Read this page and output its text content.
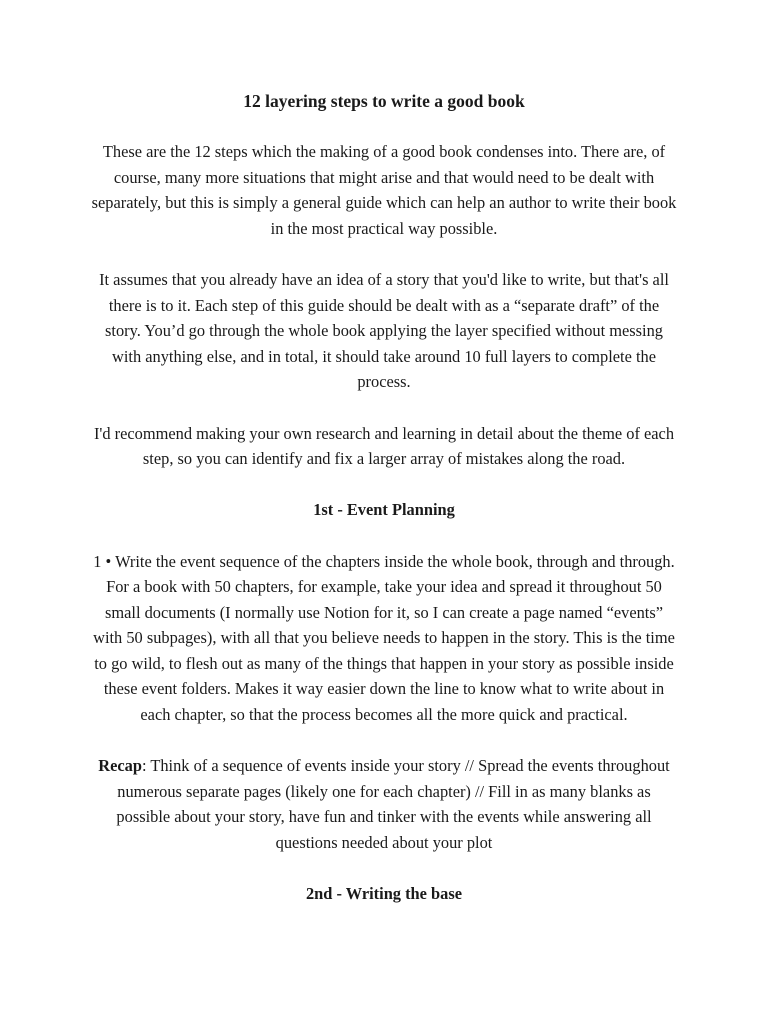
12 layering steps to write a good book

These are the 12 steps which the making of a good book condenses into. There are, of course, many more situations that might arise and that would need to be dealt with separately, but this is simply a general guide which can help an author to write their book in the most practical way possible.

It assumes that you already have an idea of a story that you'd like to write, but that's all there is to it. Each step of this guide should be dealt with as a “separate draft” of the story. You’d go through the whole book applying the layer specified without messing with anything else, and in total, it should take around 10 full layers to complete the process.

I'd recommend making your own research and learning in detail about the theme of each step, so you can identify and fix a larger array of mistakes along the road.

1st - Event Planning

1 • Write the event sequence of the chapters inside the whole book, through and through. For a book with 50 chapters, for example, take your idea and spread it throughout 50 small documents (I normally use Notion for it, so I can create a page named “events” with 50 subpages), with all that you believe needs to happen in the story. This is the time to go wild, to flesh out as many of the things that happen in your story as possible inside these event folders. Makes it way easier down the line to know what to write about in each chapter, so that the process becomes all the more quick and practical.

Recap: Think of a sequence of events inside your story // Spread the events throughout numerous separate pages (likely one for each chapter) // Fill in as many blanks as possible about your story, have fun and tinker with the events while answering all questions needed about your plot

2nd - Writing the base
